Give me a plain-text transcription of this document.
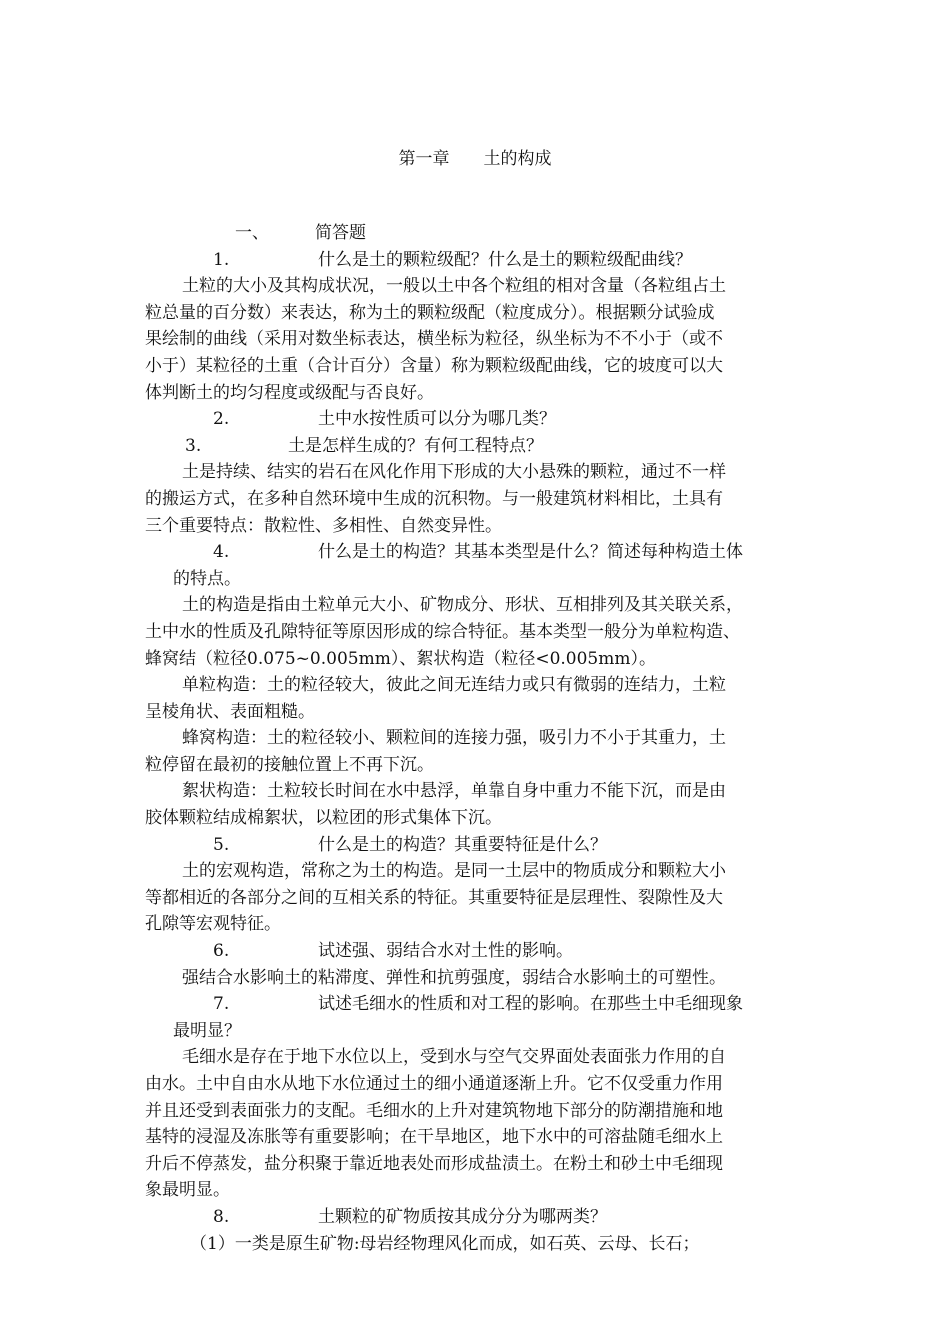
第一章　　土的构成
一、	简答题
1.	什么是土的颗粒级配？什么是土的颗粒级配曲线？
土粒的大小及其构成状况，一般以土中各个粒组的相对含量（各粒组占土
粒总量的百分数）来表达，称为土的颗粒级配（粒度成分）。根据颗分试验成
果绘制的曲线（采用对数坐标表达，横坐标为粒径，纵坐标为不不小于（或不
小于）某粒径的土重（合计百分）含量）称为颗粒级配曲线，它的坡度可以大
体判断土的均匀程度或级配与否良好。
2.	土中水按性质可以分为哪几类？
3.	土是怎样生成的？有何工程特点？
土是持续、结实的岩石在风化作用下形成的大小悬殊的颗粒，通过不一样
的搬运方式，在多种自然环境中生成的沉积物。与一般建筑材料相比，土具有
三个重要特点：散粒性、多相性、自然变异性。
4.	什么是土的构造？其基本类型是什么？简述每种构造土体
的特点。
土的构造是指由土粒单元大小、矿物成分、形状、互相排列及其关联关系，
土中水的性质及孔隙特征等原因形成的综合特征。基本类型一般分为单粒构造、
蜂窝结（粒径0.075~0.005mm）、絮状构造（粒径<0.005mm）。
单粒构造：土的粒径较大，彼此之间无连结力或只有微弱的连结力，土粒
呈棱角状、表面粗糙。
蜂窝构造：土的粒径较小、颗粒间的连接力强，吸引力不小于其重力，土
粒停留在最初的接触位置上不再下沉。
絮状构造：土粒较长时间在水中悬浮，单靠自身中重力不能下沉，而是由
胶体颗粒结成棉絮状，以粒团的形式集体下沉。
5.	什么是土的构造？其重要特征是什么？
土的宏观构造，常称之为土的构造。是同一土层中的物质成分和颗粒大小
等都相近的各部分之间的互相关系的特征。其重要特征是层理性、裂隙性及大
孔隙等宏观特征。
6.	试述强、弱结合水对土性的影响。
强结合水影响土的粘滞度、弹性和抗剪强度，弱结合水影响土的可塑性。
7.	试述毛细水的性质和对工程的影响。在那些土中毛细现象
最明显？
毛细水是存在于地下水位以上，受到水与空气交界面处表面张力作用的自
由水。土中自由水从地下水位通过土的细小通道逐渐上升。它不仅受重力作用
并且还受到表面张力的支配。毛细水的上升对建筑物地下部分的防潮措施和地
基特的浸湿及冻胀等有重要影响；在干旱地区，地下水中的可溶盐随毛细水上
升后不停蒸发，盐分积聚于靠近地表处而形成盐渍土。在粉土和砂土中毛细现
象最明显。
8.	土颗粒的矿物质按其成分分为哪两类？
（1）一类是原生矿物:母岩经物理风化而成，如石英、云母、长石；
